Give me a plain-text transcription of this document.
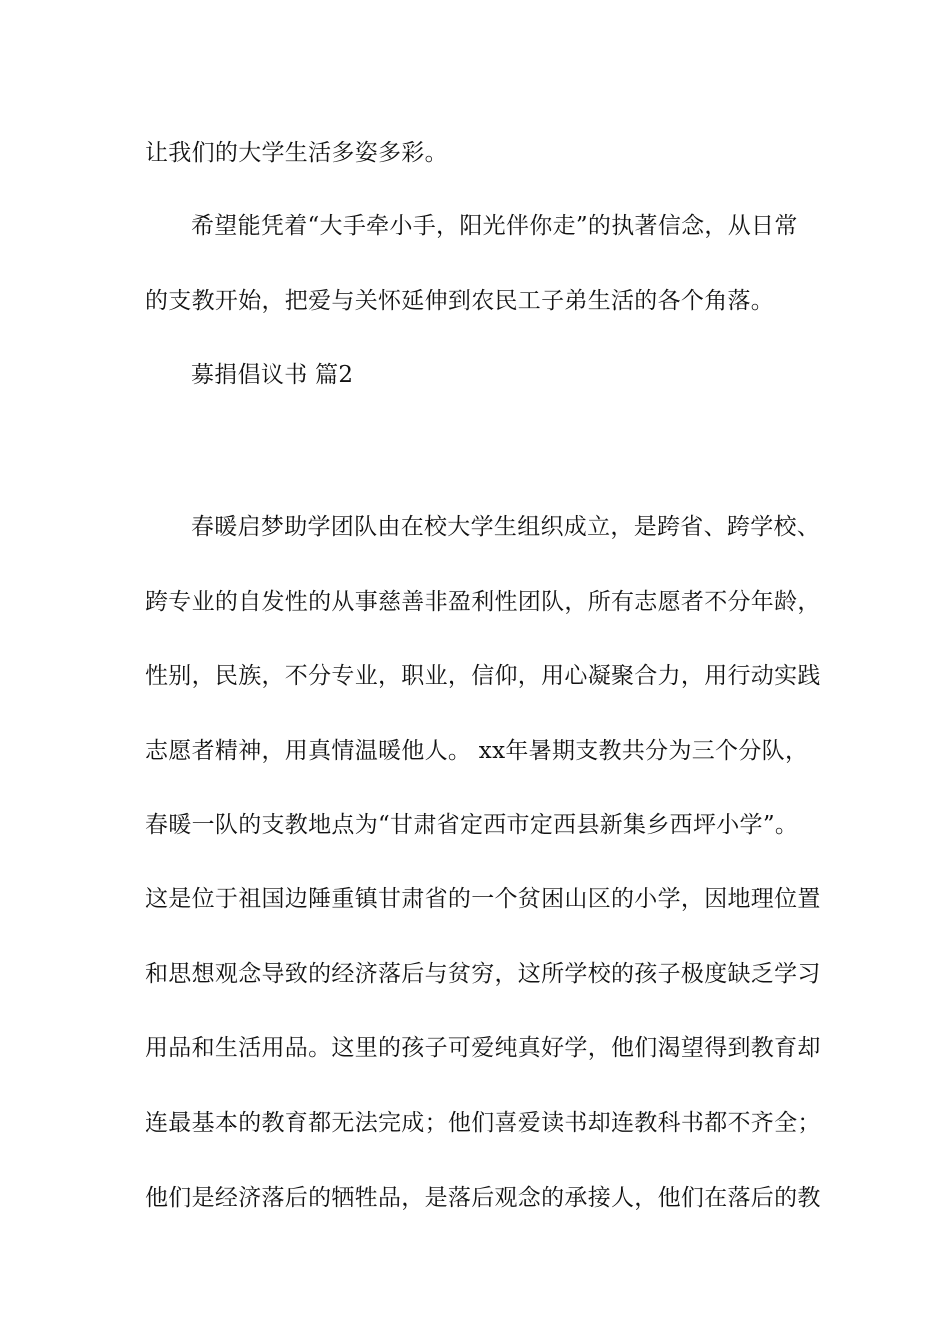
让我们的大学生活多姿多彩。
希望能凭着“大手牵小手，阳光伴你走”的执著信念，从日常
的支教开始，把爱与关怀延伸到农民工子弟生活的各个角落。
募捐倡议书 篇2
春暖启梦助学团队由在校大学生组织成立，是跨省、跨学校、
跨专业的自发性的从事慈善非盈利性团队，所有志愿者不分年龄，
性别，民族，不分专业，职业，信仰，用心凝聚合力，用行动实践
志愿者精神，用真情温暖他人。 xx年暑期支教共分为三个分队，
春暖一队的支教地点为“甘肃省定西市定西县新集乡西坪小学”。
这是位于祖国边陲重镇甘肃省的一个贫困山区的小学，因地理位置
和思想观念导致的经济落后与贫穷，这所学校的孩子极度缺乏学习
用品和生活用品。这里的孩子可爱纯真好学，他们渴望得到教育却
连最基本的教育都无法完成；他们喜爱读书却连教科书都不齐全；
他们是经济落后的牺牲品，是落后观念的承接人，他们在落后的教
